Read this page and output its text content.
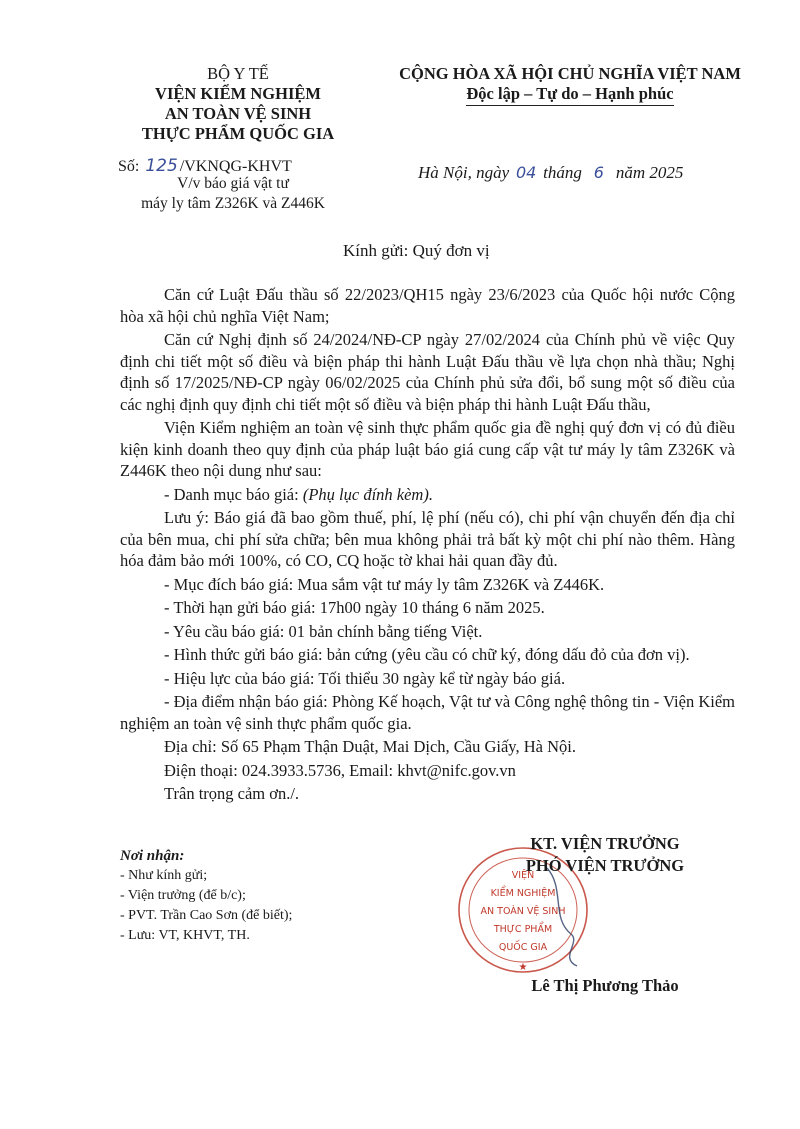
BỘ Y TẾ
VIỆN KIỂM NGHIỆM
AN TOÀN VỆ SINH
THỰC PHẨM QUỐC GIA
CỘNG HÒA XÃ HỘI CHỦ NGHĨA VIỆT NAM
Độc lập – Tự do – Hạnh phúc
Số: 125 /VKNQG-KHVT
V/v báo giá vật tư
máy ly tâm Z326K và Z446K
Hà Nội, ngày 04 tháng 6 năm 2025
Kính gửi: Quý đơn vị

Căn cứ Luật Đấu thầu số 22/2023/QH15 ngày 23/6/2023 của Quốc hội nước Cộng hòa xã hội chủ nghĩa Việt Nam;

Căn cứ Nghị định số 24/2024/NĐ-CP ngày 27/02/2024 của Chính phủ về việc Quy định chi tiết một số điều và biện pháp thi hành Luật Đấu thầu về lựa chọn nhà thầu; Nghị định số 17/2025/NĐ-CP ngày 06/02/2025 của Chính phủ sửa đổi, bổ sung một số điều của các nghị định quy định chi tiết một số điều và biện pháp thi hành Luật Đấu thầu,

Viện Kiểm nghiệm an toàn vệ sinh thực phẩm quốc gia đề nghị quý đơn vị có đủ điều kiện kinh doanh theo quy định của pháp luật báo giá cung cấp vật tư máy ly tâm Z326K và Z446K theo nội dung như sau:

- Danh mục báo giá: (Phụ lục đính kèm).

Lưu ý: Báo giá đã bao gồm thuế, phí, lệ phí (nếu có), chi phí vận chuyển đến địa chỉ của bên mua, chi phí sửa chữa; bên mua không phải trả bất kỳ một chi phí nào thêm. Hàng hóa đảm bảo mới 100%, có CO, CQ hoặc tờ khai hải quan đầy đủ.

- Mục đích báo giá: Mua sắm vật tư máy ly tâm Z326K và Z446K.

- Thời hạn gửi báo giá: 17h00 ngày 10 tháng 6 năm 2025.

- Yêu cầu báo giá: 01 bản chính bằng tiếng Việt.

- Hình thức gửi báo giá: bản cứng (yêu cầu có chữ ký, đóng dấu đỏ của đơn vị).

- Hiệu lực của báo giá: Tối thiểu 30 ngày kể từ ngày báo giá.

- Địa điểm nhận báo giá: Phòng Kế hoạch, Vật tư và Công nghệ thông tin - Viện Kiểm nghiệm an toàn vệ sinh thực phẩm quốc gia.

Địa chỉ: Số 65 Phạm Thận Duật, Mai Dịch, Cầu Giấy, Hà Nội.

Điện thoại: 024.3933.5736, Email: khvt@nifc.gov.vn

Trân trọng cảm ơn./.

Nơi nhận:
- Như kính gửi;
- Viện trưởng (để b/c);
- PVT. Trần Cao Sơn (để biết);
- Lưu: VT, KHVT, TH.
VIỆN
KIỂM NGHIỆM
AN TOÀN VỆ SINH
THỰC PHẨM
QUỐC GIA
★
KT. VIỆN TRƯỞNG
PHÓ VIỆN TRƯỞNG
Lê Thị Phương Thảo
